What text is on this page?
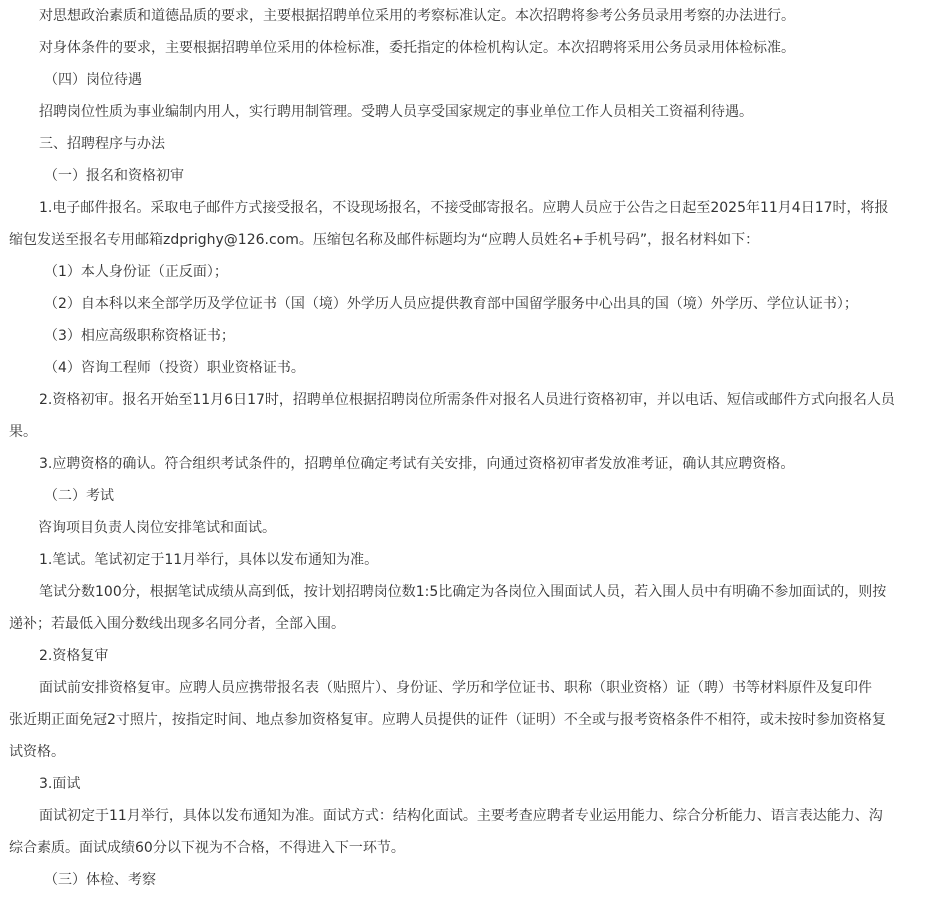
对思想政治素质和道德品质的要求，主要根据招聘单位采用的考察标准认定。本次招聘将参考公务员录用考察的办法进行。

对身体条件的要求，主要根据招聘单位采用的体检标准，委托指定的体检机构认定。本次招聘将采用公务员录用体检标准。

（四）岗位待遇

招聘岗位性质为事业编制内用人，实行聘用制管理。受聘人员享受国家规定的事业单位工作人员相关工资福利待遇。

三、招聘程序与办法

（一）报名和资格初审

1.电子邮件报名。采取电子邮件方式接受报名，不设现场报名，不接受邮寄报名。应聘人员应于公告之日起至2025年11月4日17时，将报
缩包发送至报名专用邮箱zdprighy@126.com。压缩包名称及邮件标题均为“应聘人员姓名+手机号码”，报名材料如下：

（1）本人身份证（正反面）；

（2）自本科以来全部学历及学位证书（国（境）外学历人员应提供教育部中国留学服务中心出具的国（境）外学历、学位认证书）；

（3）相应高级职称资格证书；

（4）咨询工程师（投资）职业资格证书。

2.资格初审。报名开始至11月6日17时，招聘单位根据招聘岗位所需条件对报名人员进行资格初审，并以电话、短信或邮件方式向报名人员
果。

3.应聘资格的确认。符合组织考试条件的，招聘单位确定考试有关安排，向通过资格初审者发放准考证，确认其应聘资格。

（二）考试

咨询项目负责人岗位安排笔试和面试。

1.笔试。笔试初定于11月举行，具体以发布通知为准。

笔试分数100分，根据笔试成绩从高到低，按计划招聘岗位数1:5比确定为各岗位入围面试人员，若入围人员中有明确不参加面试的，则按
递补；若最低入围分数线出现多名同分者，全部入围。

2.资格复审

面试前安排资格复审。应聘人员应携带报名表（贴照片）、身份证、学历和学位证书、职称（职业资格）证（聘）书等材料原件及复印件
张近期正面免冠2寸照片，按指定时间、地点参加资格复审。应聘人员提供的证件（证明）不全或与报考资格条件不相符，或未按时参加资格复
试资格。

3.面试

面试初定于11月举行，具体以发布通知为准。面试方式：结构化面试。主要考查应聘者专业运用能力、综合分析能力、语言表达能力、沟
综合素质。面试成绩60分以下视为不合格，不得进入下一环节。

（三）体检、考察
